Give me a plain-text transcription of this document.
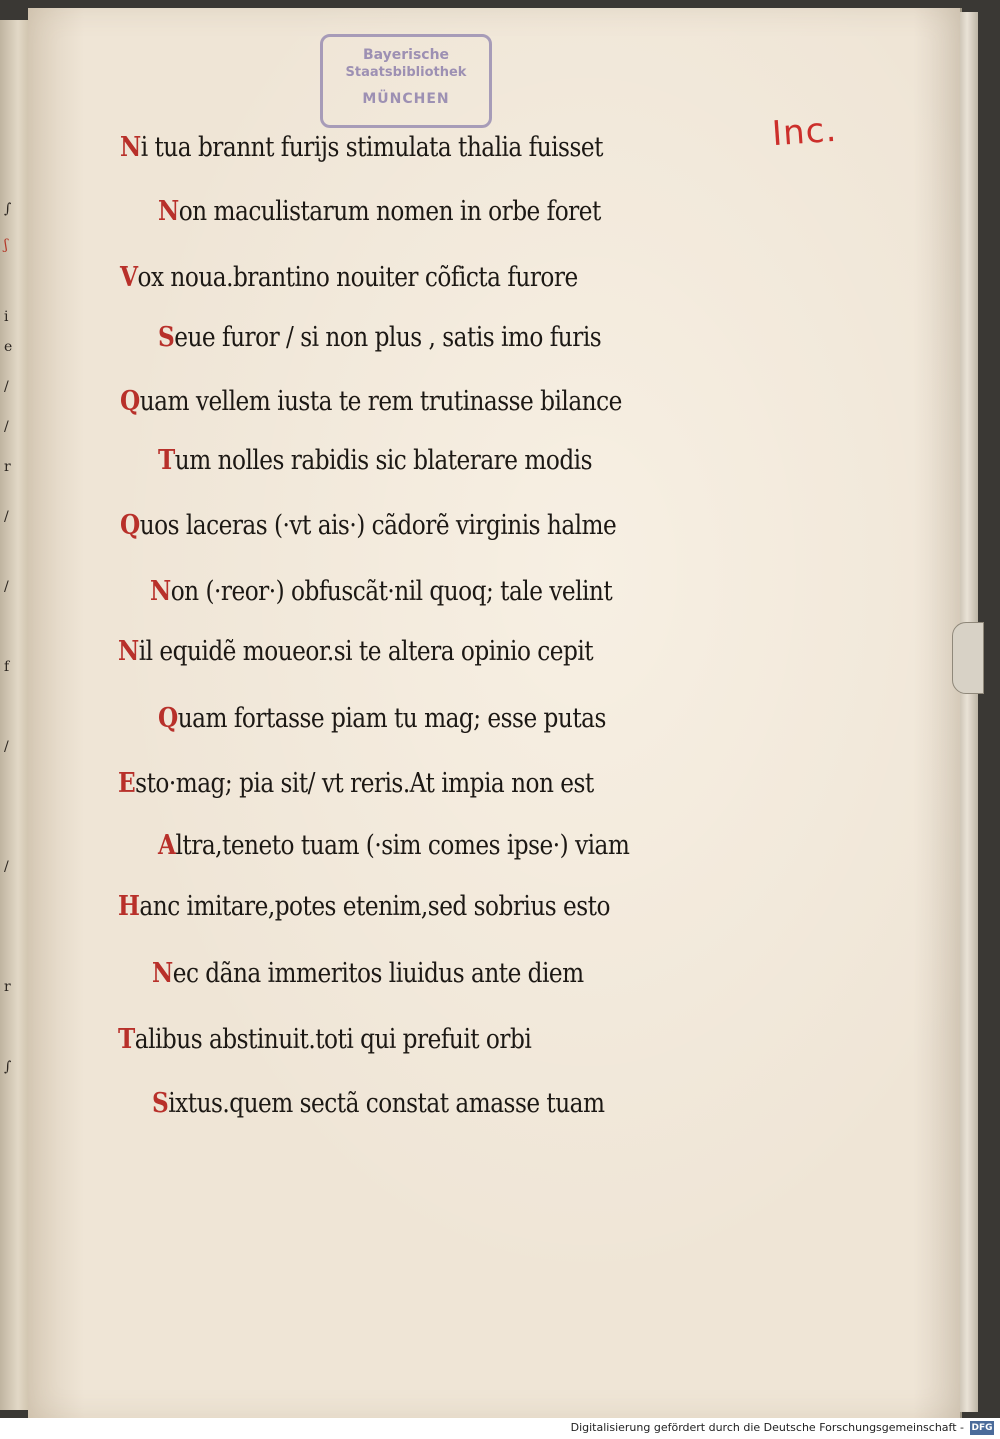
∫
ʃ
i
e
/
/
r
/
/
f
/
/
r
∫
Bayerische
Staatsbibliothek
MÜNCHEN
Inc.
Ni tua brannt furijs stimulata thalia fuisset
Non maculistarum nomen in orbe foret
Vox noua.brantino nouiter cõficta furore
Seue furor / si non plus , satis imo furis
Quam vellem iusta te rem trutinasse bilance
Tum nolles rabidis sic blaterare modis
Quos laceras (·vt ais·) cãdorẽ virginis halme
Non (·reor·) obfuscãt·nil quoq; tale velint
Nil equidẽ moueor.si te altera opinio cepit
Quam fortasse piam tu mag; esse putas
Esto·mag; pia sit/ vt reris.At impia non est
Altra,teneto tuam (·sim comes ipse·) viam
Hanc imitare,potes etenim,sed sobrius esto
Nec dãna immeritos liuidus ante diem
Talibus abstinuit.toti qui prefuit orbi
Sixtus.quem sectã constat amasse tuam
Digitalisierung gefördert durch die Deutsche Forschungsgemeinschaft - DFG
